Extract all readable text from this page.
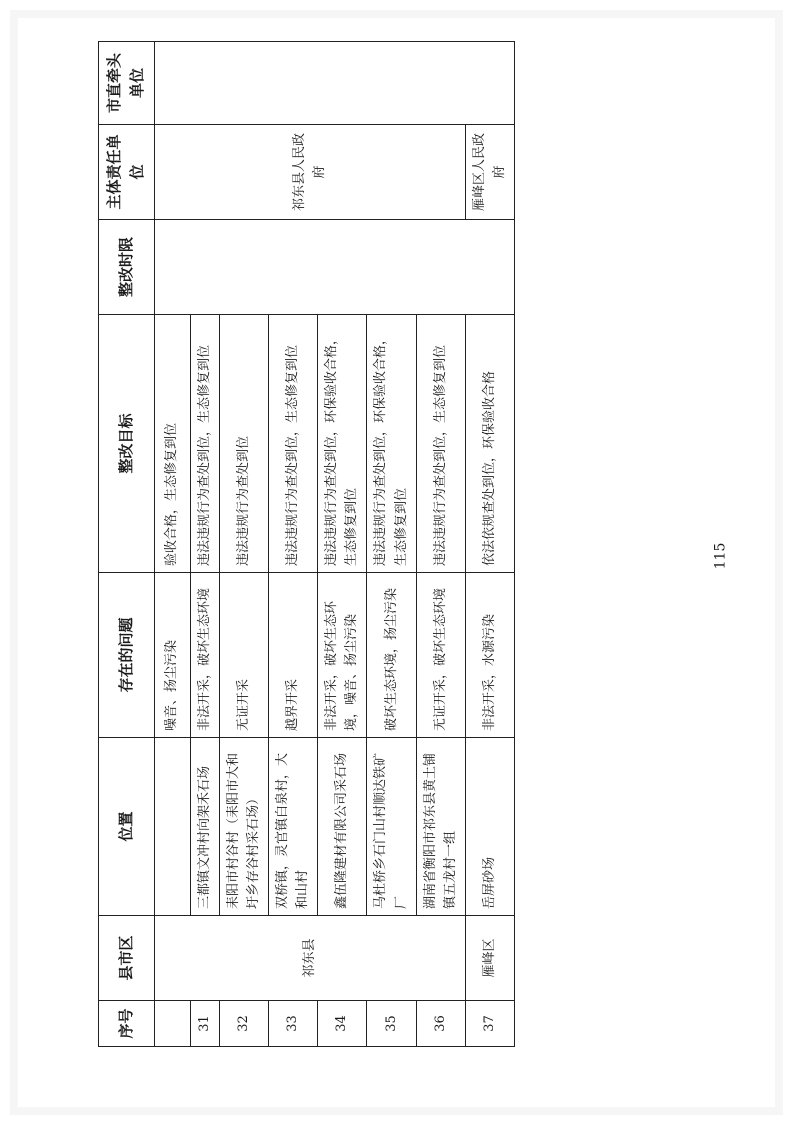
序号	县市区	位置	存在的问题	整改目标	整改时限	主体责任单位	市直牵头单位
	祁东县		噪音、扬尘污染	验收合格，生态修复到位		祁东县人民政府	
31		三都镇文冲村向架禾石场	非法开采，破坏生态环境	违法违规行为查处到位，生态修复到位			
32		耒阳市村谷村（耒阳市大和圩乡存谷村采石场）	无证开采	违法违规行为查处到位			
33		双桥镇，灵官镇白泉村，大和山村	越界开采	违法违规行为查处到位，生态修复到位			
34		鑫伍隆建材有限公司采石场	非法开采，破坏生态环境，噪音、扬尘污染	违法违规行为查处到位，环保验收合格，生态修复到位			
35		马杜桥乡石门山村顺达铁矿厂	破坏生态环境，扬尘污染	违法违规行为查处到位，环保验收合格，生态修复到位			
36		湖南省衡阳市祁东县黄土铺镇五龙村一组	无证开采，破坏生态环境	违法违规行为查处到位，生态修复到位			
37	雁峰区	岳屏砂场	非法开采，水源污染	依法依规查处到位，环保验收合格		雁峰区人民政府	
115
